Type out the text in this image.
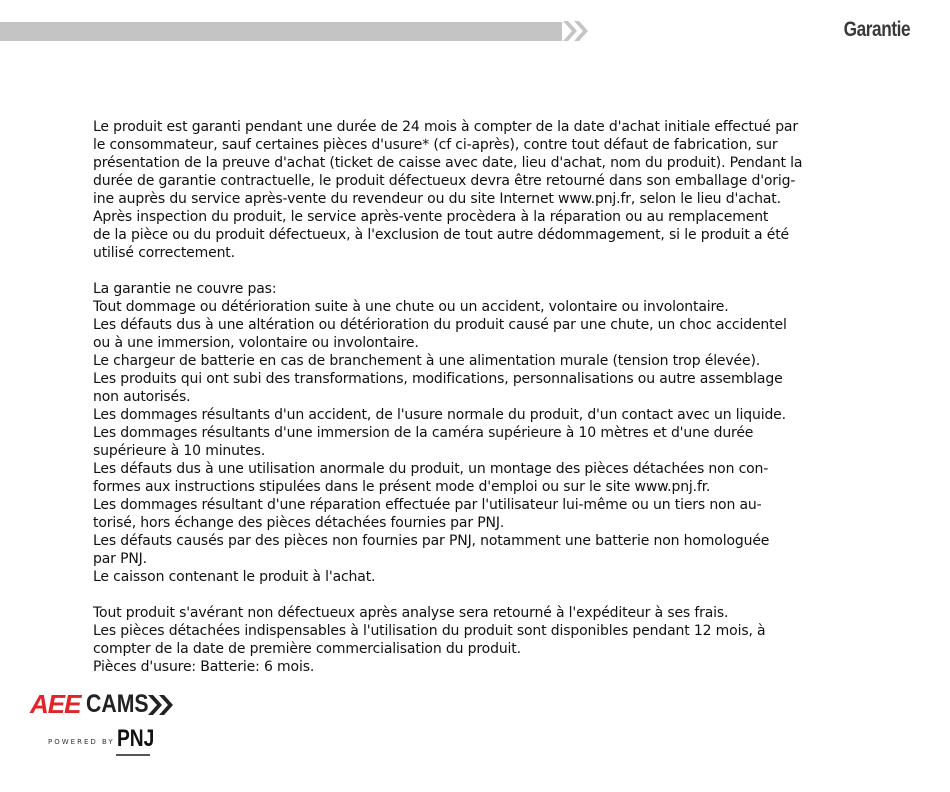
Garantie

Le produit est garanti pendant une durée de 24 mois à compter de la date d'achat initiale effectué par
le consommateur, sauf certaines pièces d'usure* (cf ci-après), contre tout défaut de fabrication, sur
présentation de la preuve d'achat (ticket de caisse avec date, lieu d'achat, nom du produit). Pendant la
durée de garantie contractuelle, le produit défectueux devra être retourné dans son emballage d'orig-
ine auprès du service après-vente du revendeur ou du site Internet www.pnj.fr, selon le lieu d'achat.
Après inspection du produit, le service après-vente procèdera à la réparation ou au remplacement
de la pièce ou du produit défectueux, à l'exclusion de tout autre dédommagement, si le produit a été
utilisé correctement.

La garantie ne couvre pas:
Tout dommage ou détérioration suite à une chute ou un accident, volontaire ou involontaire.
Les défauts dus à une altération ou détérioration du produit causé par une chute, un choc accidentel
ou à une immersion, volontaire ou involontaire.
Le chargeur de batterie en cas de branchement à une alimentation murale (tension trop élevée).
Les produits qui ont subi des transformations, modifications, personnalisations ou autre assemblage
non autorisés.
Les dommages résultants d'un accident, de l'usure normale du produit, d'un contact avec un liquide.
Les dommages résultants d'une immersion de la caméra supérieure à 10 mètres et d'une durée
supérieure à 10 minutes.
Les défauts dus à une utilisation anormale du produit, un montage des pièces détachées non con-
formes aux instructions stipulées dans le présent mode d'emploi ou sur le site www.pnj.fr.
Les dommages résultant d'une réparation effectuée par l'utilisateur lui-même ou un tiers non au-
torisé, hors échange des pièces détachées fournies par PNJ.
Les défauts causés par des pièces non fournies par PNJ, notamment une batterie non homologuée
par PNJ.
Le caisson contenant le produit à l'achat.

Tout produit s'avérant non défectueux après analyse sera retourné à l'expéditeur à ses frais.
Les pièces détachées indispensables à l'utilisation du produit sont disponibles pendant 12 mois, à
compter de la date de première commercialisation du produit.
Pièces d'usure: Batterie: 6 mois.

AEE CAMS
POWERED BY PNJ
